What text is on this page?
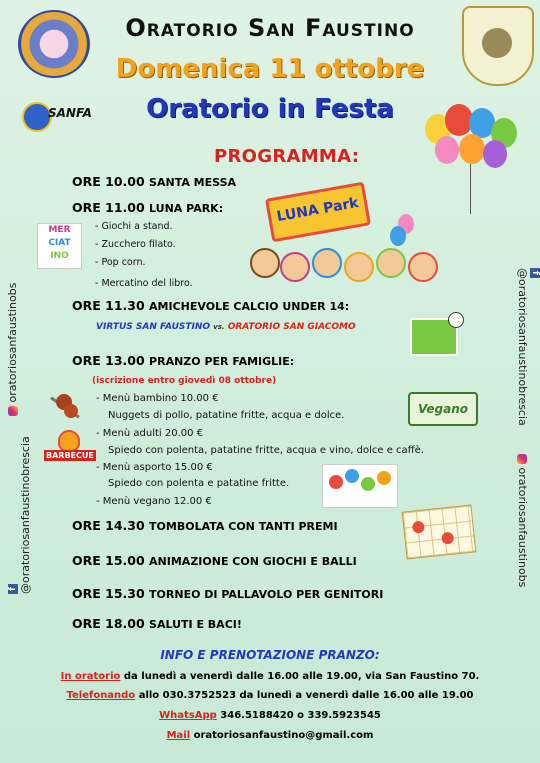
Oratorio San Faustino
Domenica 11 ottobre
Oratorio in Festa
SANFA
PROGRAMMA:
ORE 10.00 SANTA MESSA
ORE 11.00 LUNA PARK:
MER
CIAT
INO
- Giochi a stand.
- Zucchero filato.
- Pop corn.
- Mercatino del libro.
LUNA Park
ORE 11.30 AMICHEVOLE CALCIO UNDER 14:
VIRTUS SAN FAUSTINO vs. ORATORIO SAN GIACOMO
ORE 13.00 PRANZO PER FAMIGLIE:
(iscrizione entro giovedì 08 ottobre)
BARBECUE
- Menù bambino 10.00 €
Nuggets di pollo, patatine fritte, acqua e dolce.
- Menù adulti 20.00 €
Spiedo con polenta, patatine fritte, acqua e vino, dolce e caffè.
- Menù asporto 15.00 €
Spiedo con polenta e patatine fritte.
- Menù vegano 12.00 €
Vegano
ORE 14.30 TOMBOLATA CON TANTI PREMI
ORE 15.00 ANIMAZIONE CON GIOCHI E BALLI
ORE 15.30 TORNEO DI PALLAVOLO PER GENITORI
ORE 18.00 SALUTI E BACI!
INFO E PRENOTAZIONE PRANZO:
In oratorio da lunedì a venerdì dalle 16.00 alle 19.00, via San Faustino 70.
Telefonando allo 030.3752523 da lunedì a venerdì dalle 16.00 alle 19.00
WhatsApp 346.5188420 o 339.5923545
Mail oratoriosanfaustino@gmail.com
oratoriosanfaustinobs
f @oratoriosanfaustinobrescia
f @oratoriosanfaustinobrescia
oratoriosanfaustinobs
